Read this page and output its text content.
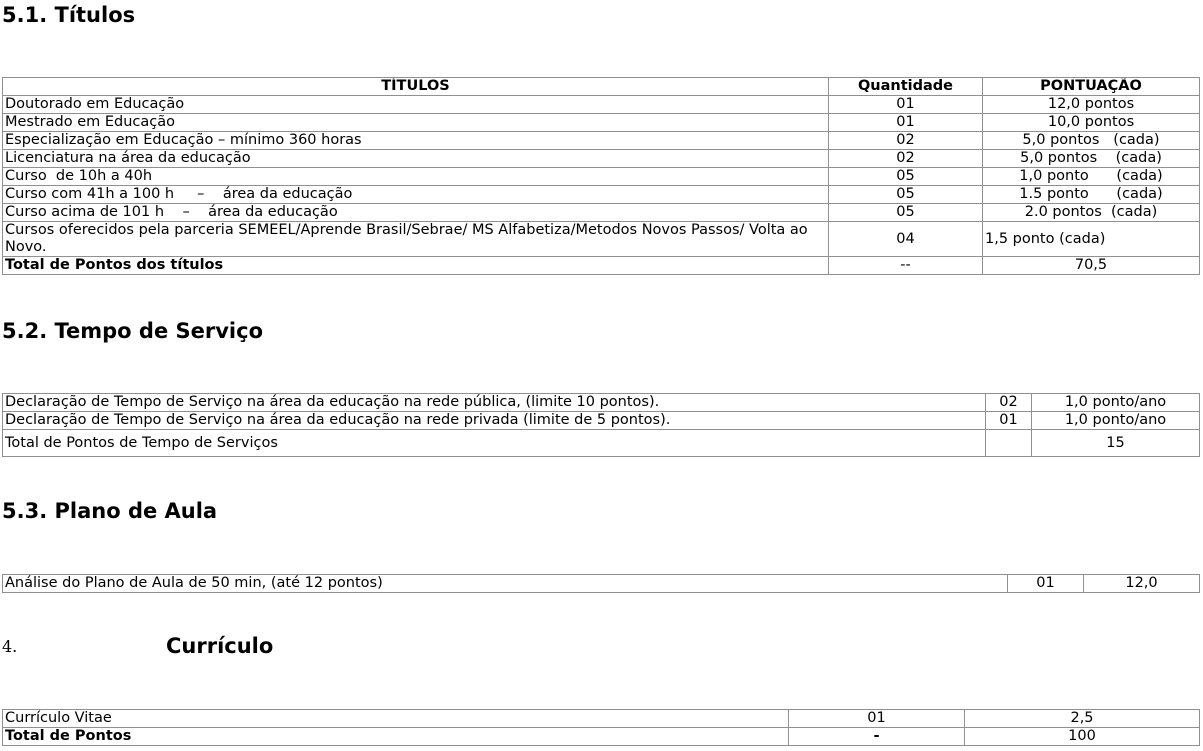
5.1. Títulos
TÍTULOS	Quantidade	PONTUAÇÃO
Doutorado em Educação	01	12,0 pontos
Mestrado em Educação	01	10,0 pontos
Especialização em Educação – mínimo 360 horas	02	5,0 pontos   (cada)
Licenciatura na área da educação	02	5,0 pontos    (cada)
Curso  de 10h a 40h	05	1,0 ponto      (cada)
Curso com 41h a 100 h     –    área da educação	05	1.5 ponto      (cada)
Curso acima de 101 h    –    área da educação	05	2.0 pontos  (cada)
Cursos oferecidos pela parceria SEMEEL/Aprende Brasil/Sebrae/ MS Alfabetiza/Metodos Novos Passos/ Volta ao Novo.	04	1,5 ponto (cada)
Total de Pontos dos títulos	--	70,5
5.2. Tempo de Serviço
Declaração de Tempo de Serviço na área da educação na rede pública, (limite 10 pontos).	02	1,0 ponto/ano
Declaração de Tempo de Serviço na área da educação na rede privada (limite de 5 pontos).	01	1,0 ponto/ano
Total de Pontos de Tempo de Serviços		15
5.3. Plano de Aula
Análise do Plano de Aula de 50 min, (até 12 pontos)	01	12,0
4.	Currículo
Currículo Vitae	01	2,5
Total de Pontos	-	100
